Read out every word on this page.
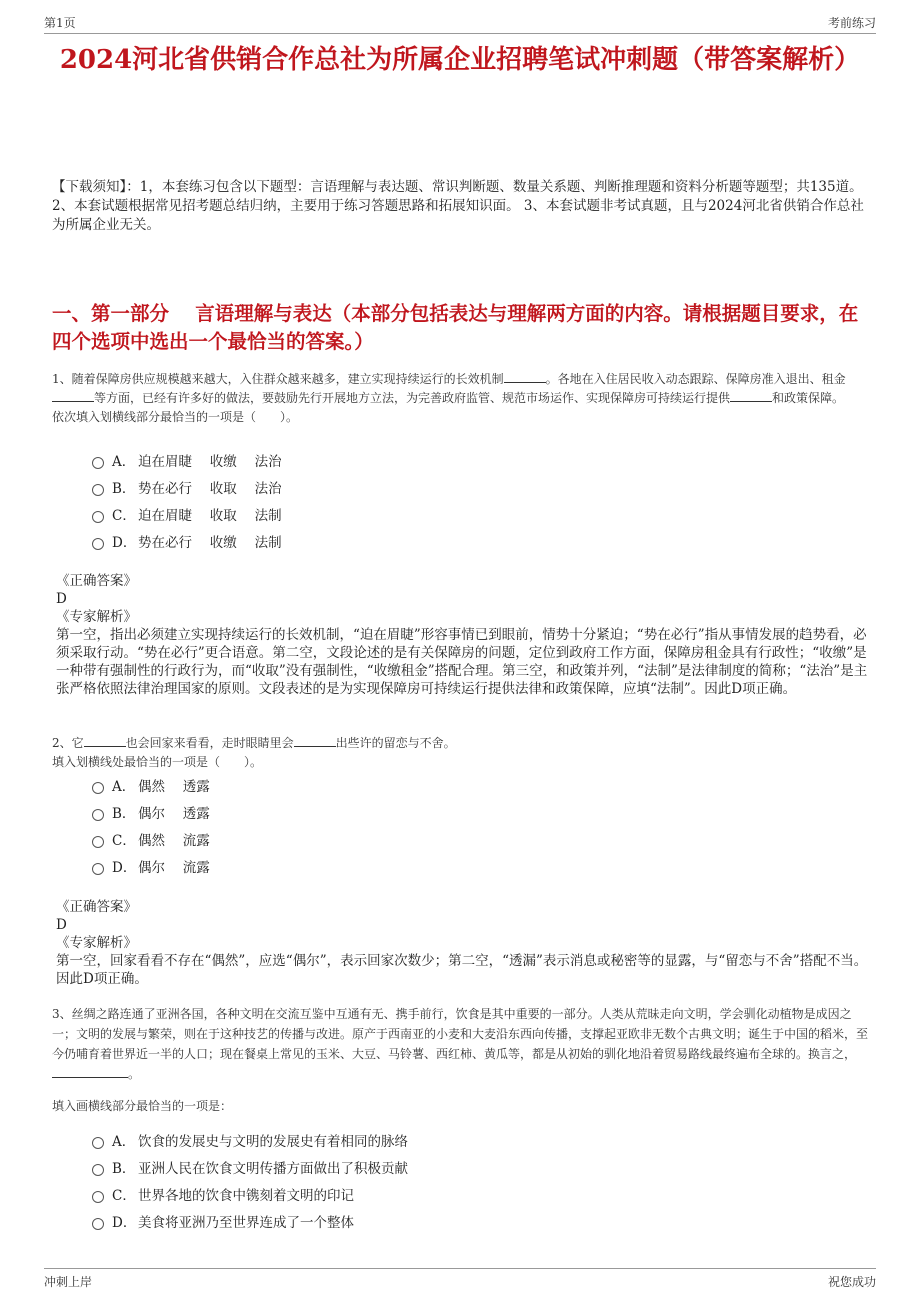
第1页	考前练习
2024河北省供销合作总社为所属企业招聘笔试冲刺题（带答案解析）

【下载须知】：1，本套练习包含以下题型：言语理解与表达题、常识判断题、数量关系题、判断推理题和资料分析题等题型；共135道。 2、本套试题根据常见招考题总结归纳，主要用于练习答题思路和拓展知识面。 3、本套试题非考试真题，且与2024河北省供销合作总社为所属企业无关。

一、第一部分　 言语理解与表达（本部分包括表达与理解两方面的内容。请根据题目要求，在四个选项中选出一个最恰当的答案。）
1、随着保障房供应规模越来越大，入住群众越来越多，建立实现持续运行的长效机制	。各地在入住居民收入动态跟踪、保障房准入退出、租金等方面，已经有许多好的做法，要鼓励先行开展地方立法，为完善政府监管、规范市场运作、实现保障房可持续运行提供	和政策保障。
依次填入划横线部分最恰当的一项是（　　）。
A． 迫在眉睫　 收缴　 法治
B． 势在必行　 收取　 法治
C． 迫在眉睫　 收取　 法制
D． 势在必行　 收缴　 法制
《正确答案》
D
《专家解析》
第一空，指出必须建立实现持续运行的长效机制，“迫在眉睫”形容事情已到眼前，情势十分紧迫；“势在必行”指从事情发展的趋势看，必须采取行动。“势在必行”更合语意。第二空，文段论述的是有关保障房的问题，定位到政府工作方面，保障房租金具有行政性；“收缴”是一种带有强制性的行政行为，而“收取”没有强制性，“收缴租金”搭配合理。第三空，和政策并列，“法制”是法律制度的简称；“法治”是主张严格依照法律治理国家的原则。文段表述的是为实现保障房可持续运行提供法律和政策保障，应填“法制”。因此D项正确。
2、它	也会回家来看看，走时眼睛里会	出些许的留恋与不舍。
填入划横线处最恰当的一项是（　　）。
A． 偶然　 透露
B． 偶尔　 透露
C． 偶然　 流露
D． 偶尔　 流露
《正确答案》
D
《专家解析》
第一空，回家看看不存在“偶然”，应选“偶尔”，表示回家次数少；第二空，“透漏”表示消息或秘密等的显露，与“留恋与不舍”搭配不当。因此D项正确。
3、丝绸之路连通了亚洲各国，各种文明在交流互鉴中互通有无、携手前行，饮食是其中重要的一部分。人类从荒昧走向文明，学会驯化动植物是成因之一；文明的发展与繁荣，则在于这种技艺的传播与改进。原产于西南亚的小麦和大麦沿东西向传播，支撑起亚欧非无数个古典文明；诞生于中国的稻米，至今仍哺育着世界近一半的人口；现在餐桌上常见的玉米、大豆、马铃薯、西红柿、黄瓜等，都是从初始的驯化地沿着贸易路线最终遍布全球的。换言之，。
填入画横线部分最恰当的一项是：
A． 饮食的发展史与文明的发展史有着相同的脉络
B． 亚洲人民在饮食文明传播方面做出了积极贡献
C． 世界各地的饮食中镌刻着文明的印记
D． 美食将亚洲乃至世界连成了一个整体
冲刺上岸	祝您成功
